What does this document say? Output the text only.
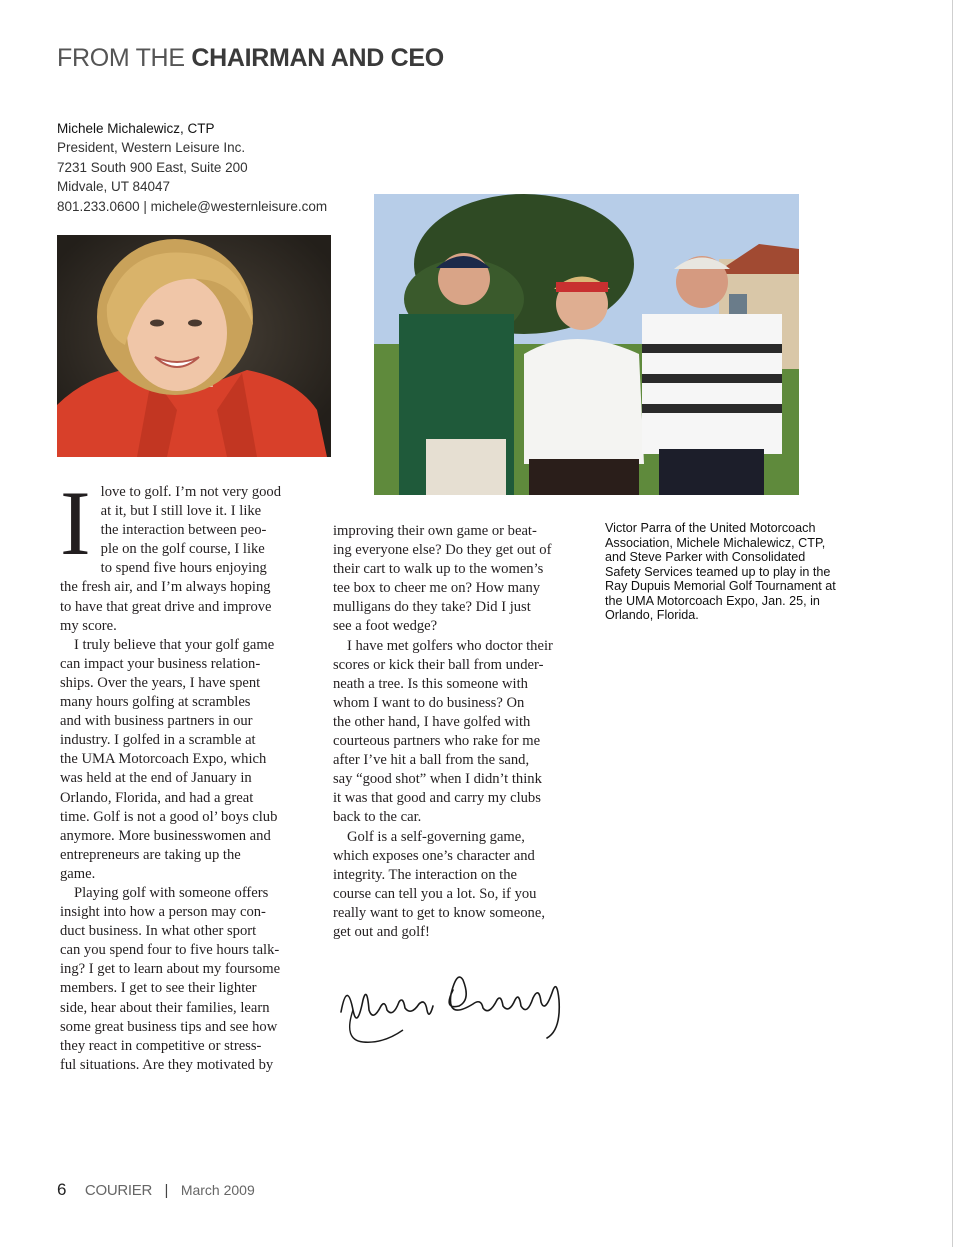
FROM THE CHAIRMAN AND CEO
Michele Michalewicz, CTP
President, Western Leisure Inc.
7231 South 900 East, Suite 200
Midvale, UT 84047
801.233.0600 | michele@westernleisure.com

I love to golf. I’m not very good
at it, but I still love it. I like
the interaction between peo-
ple on the golf course, I like
to spend five hours enjoying
the fresh air, and I’m always hoping
to have that great drive and improve
my score.

I truly believe that your golf game
can impact your business relation-
ships. Over the years, I have spent
many hours golfing at scrambles
and with business partners in our
industry. I golfed in a scramble at
the UMA Motorcoach Expo, which
was held at the end of January in
Orlando, Florida, and had a great
time. Golf is not a good ol’ boys club
anymore. More businesswomen and
entrepreneurs are taking up the
game.

Playing golf with someone offers
insight into how a person may con-
duct business. In what other sport
can you spend four to five hours talk-
ing? I get to learn about my foursome
members. I get to see their lighter
side, hear about their families, learn
some great business tips and see how
they react in competitive or stress-
ful situations. Are they motivated by

improving their own game or beat-
ing everyone else? Do they get out of
their cart to walk up to the women’s
tee box to cheer me on? How many
mulligans do they take? Did I just
see a foot wedge?

I have met golfers who doctor their
scores or kick their ball from under-
neath a tree. Is this someone with
whom I want to do business? On
the other hand, I have golfed with
courteous partners who rake for me
after I’ve hit a ball from the sand,
say “good shot” when I didn’t think
it was that good and carry my clubs
back to the car.

Golf is a self-governing game,
which exposes one’s character and
integrity. The interaction on the
course can tell you a lot. So, if you
really want to get to know someone,
get out and golf!

Victor Parra of the United Motorcoach
Association, Michele Michalewicz, CTP,
and Steve Parker with Consolidated
Safety Services teamed up to play in the
Ray Dupuis Memorial Golf Tournament at
the UMA Motorcoach Expo, Jan. 25, in
Orlando, Florida.
6 COURIER | March 2009
